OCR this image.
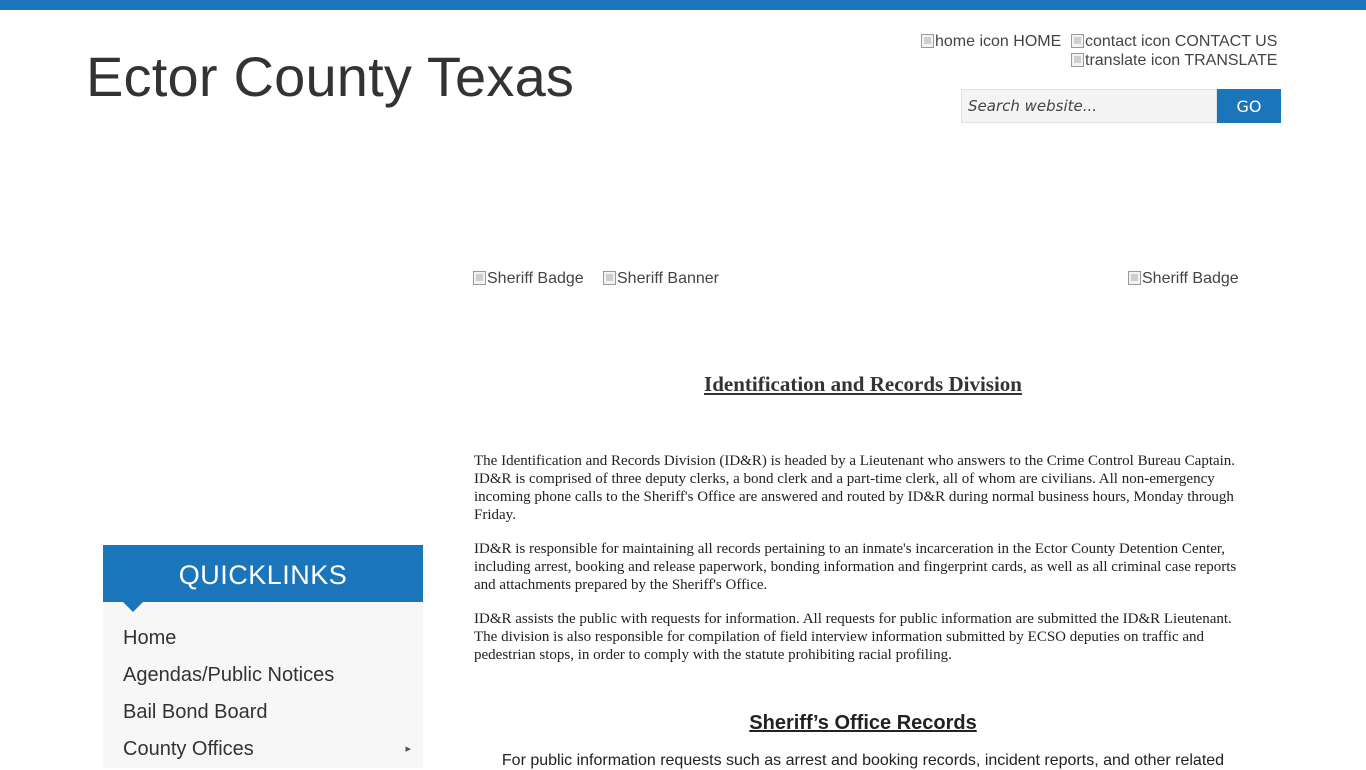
Ector County Texas
home icon HOME	contact icon CONTACT US
translate icon TRANSLATE
Search website...
GO
Sheriff Badge	Sheriff Banner	Sheriff Badge
QUICKLINKS
Home
Agendas/Public Notices
Bail Bond Board
County Offices	▸
Identification and Records Division

The Identification and Records Division (ID&R) is headed by a Lieutenant who answers to the Crime Control Bureau Captain. ID&R is comprised of three deputy clerks, a bond clerk and a part-time clerk, all of whom are civilians. All non-emergency incoming phone calls to the Sheriff's Office are answered and routed by ID&R during normal business hours, Monday through Friday.

ID&R is responsible for maintaining all records pertaining to an inmate's incarceration in the Ector County Detention Center, including arrest, booking and release paperwork, bonding information and fingerprint cards, as well as all criminal case reports and attachments prepared by the Sheriff's Office.

ID&R assists the public with requests for information. All requests for public information are submitted the ID&R Lieutenant. The division is also responsible for compilation of field interview information submitted by ECSO deputies on traffic and pedestrian stops, in order to comply with the statute prohibiting racial profiling.

Sheriff’s Office Records

For public information requests such as arrest and booking records, incident reports, and other related
